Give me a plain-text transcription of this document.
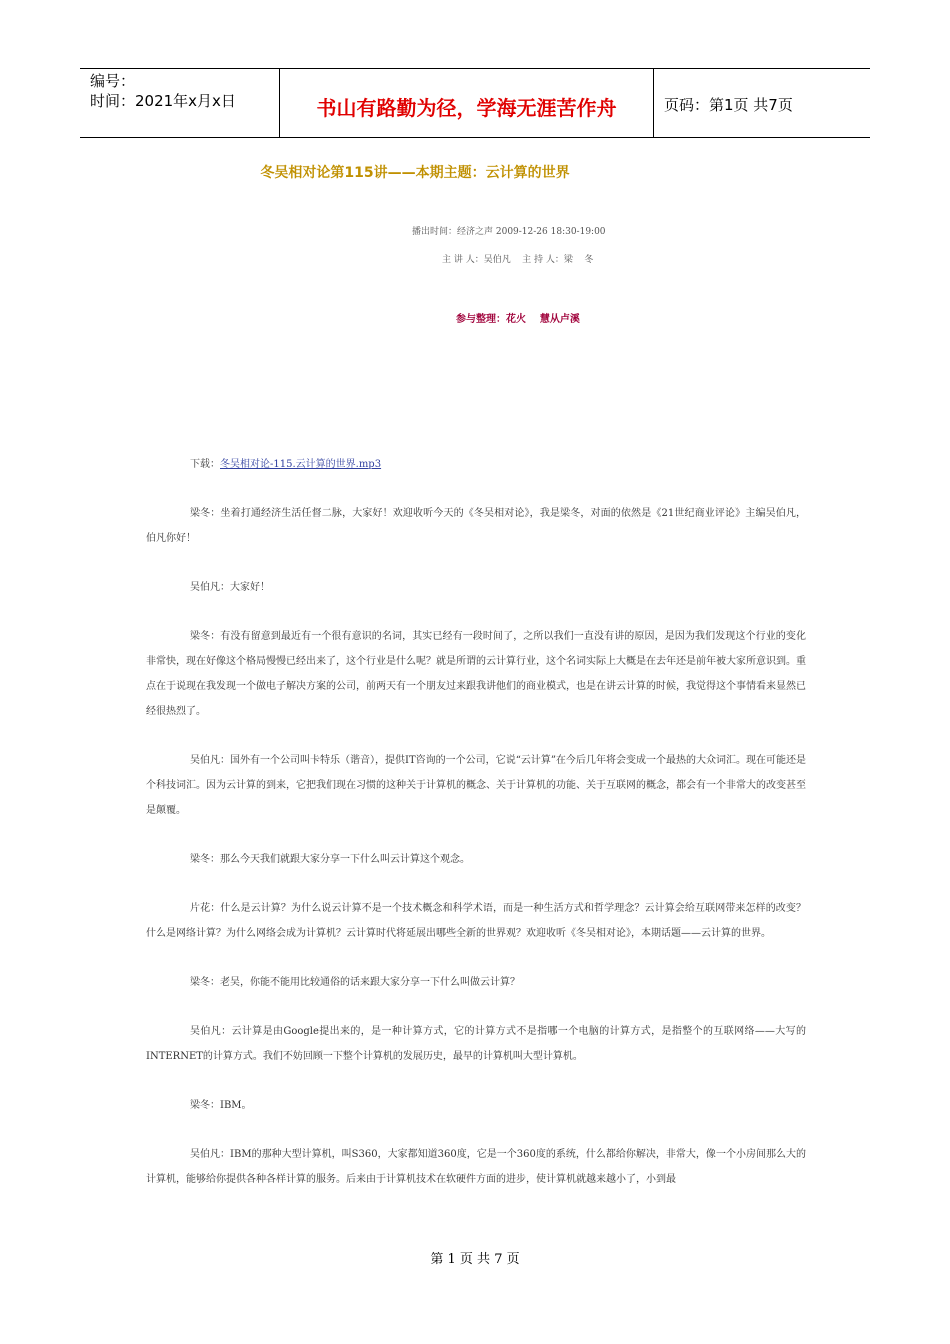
编号：
时间：2021年x月x日	书山有路勤为径，学海无涯苦作舟	页码：第1页 共7页
冬吴相对论第115讲——本期主题：云计算的世界
播出时间：经济之声 2009-12-26 18:30-19:00
主 讲 人：吴伯凡    主 持 人：梁    冬
参与整理：花火    慧从卢溪

下载：冬吴相对论-115.云计算的世界.mp3

梁冬：坐着打通经济生活任督二脉，大家好！欢迎收听今天的《冬吴相对论》，我是梁冬，对面的依然是《21世纪商业评论》主编吴伯凡，伯凡你好！

吴伯凡：大家好！

梁冬：有没有留意到最近有一个很有意识的名词，其实已经有一段时间了，之所以我们一直没有讲的原因，是因为我们发现这个行业的变化非常快，现在好像这个格局慢慢已经出来了，这个行业是什么呢？就是所谓的云计算行业，这个名词实际上大概是在去年还是前年被大家所意识到。重点在于说现在我发现一个做电子解决方案的公司，前两天有一个朋友过来跟我讲他们的商业模式，也是在讲云计算的时候，我觉得这个事情看来显然已经很热烈了。

吴伯凡：国外有一个公司叫卡特乐（谐音），提供IT咨询的一个公司，它说“云计算”在今后几年将会变成一个最热的大众词汇。现在可能还是个科技词汇。因为云计算的到来，它把我们现在习惯的这种关于计算机的概念、关于计算机的功能、关于互联网的概念，都会有一个非常大的改变甚至是颠覆。

梁冬：那么今天我们就跟大家分享一下什么叫云计算这个观念。

片花：什么是云计算？为什么说云计算不是一个技术概念和科学术语，而是一种生活方式和哲学理念？云计算会给互联网带来怎样的改变？什么是网络计算？为什么网络会成为计算机？云计算时代将延展出哪些全新的世界观？欢迎收听《冬吴相对论》，本期话题——云计算的世界。

梁冬：老吴，你能不能用比较通俗的话来跟大家分享一下什么叫做云计算？

吴伯凡：云计算是由Google提出来的，是一种计算方式，它的计算方式不是指哪一个电脑的计算方式，是指整个的互联网络——大写的INTERNET的计算方式。我们不妨回顾一下整个计算机的发展历史，最早的计算机叫大型计算机。

梁冬：IBM。

吴伯凡：IBM的那种大型计算机，叫S360，大家都知道360度，它是一个360度的系统，什么都给你解决，非常大，像一个小房间那么大的计算机，能够给你提供各种各样计算的服务。后来由于计算机技术在软硬件方面的进步，使计算机就越来越小了，小到最

第 1 页 共 7 页
